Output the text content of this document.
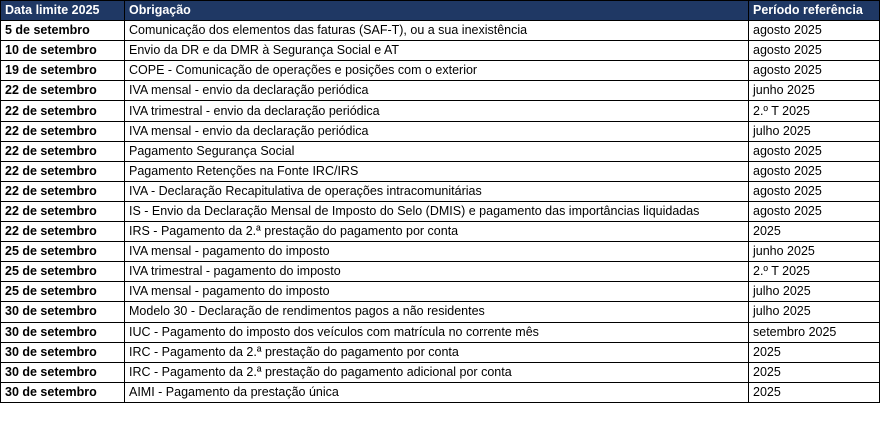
Data limite 2025	Obrigação	Período referência
5 de setembro	Comunicação dos elementos das faturas (SAF-T), ou a sua inexistência	agosto 2025
10 de setembro	Envio da DR e da DMR à Segurança Social e AT	agosto 2025
19 de setembro	COPE - Comunicação de operações e posições com o exterior	agosto 2025
22 de setembro	IVA mensal - envio da declaração periódica	junho 2025
22 de setembro	IVA trimestral - envio da declaração periódica	2.º T 2025
22 de setembro	IVA mensal - envio da declaração periódica	julho 2025
22 de setembro	Pagamento Segurança Social	agosto 2025
22 de setembro	Pagamento Retenções na Fonte IRC/IRS	agosto 2025
22 de setembro	IVA - Declaração Recapitulativa de operações intracomunitárias	agosto 2025
22 de setembro	IS - Envio da Declaração Mensal de Imposto do Selo (DMIS) e pagamento das importâncias liquidadas	agosto 2025
22 de setembro	IRS - Pagamento da 2.ª prestação do pagamento por conta	2025
25 de setembro	IVA mensal - pagamento do imposto	junho 2025
25 de setembro	IVA trimestral - pagamento do imposto	2.º T 2025
25 de setembro	IVA mensal - pagamento do imposto	julho 2025
30 de setembro	Modelo 30 - Declaração de rendimentos pagos a não residentes	julho 2025
30 de setembro	IUC - Pagamento do imposto dos veículos com matrícula no corrente mês	setembro 2025
30 de setembro	IRC - Pagamento da 2.ª prestação do pagamento por conta	2025
30 de setembro	IRC - Pagamento da 2.ª prestação do pagamento adicional por conta	2025
30 de setembro	AIMI - Pagamento da prestação única	2025
